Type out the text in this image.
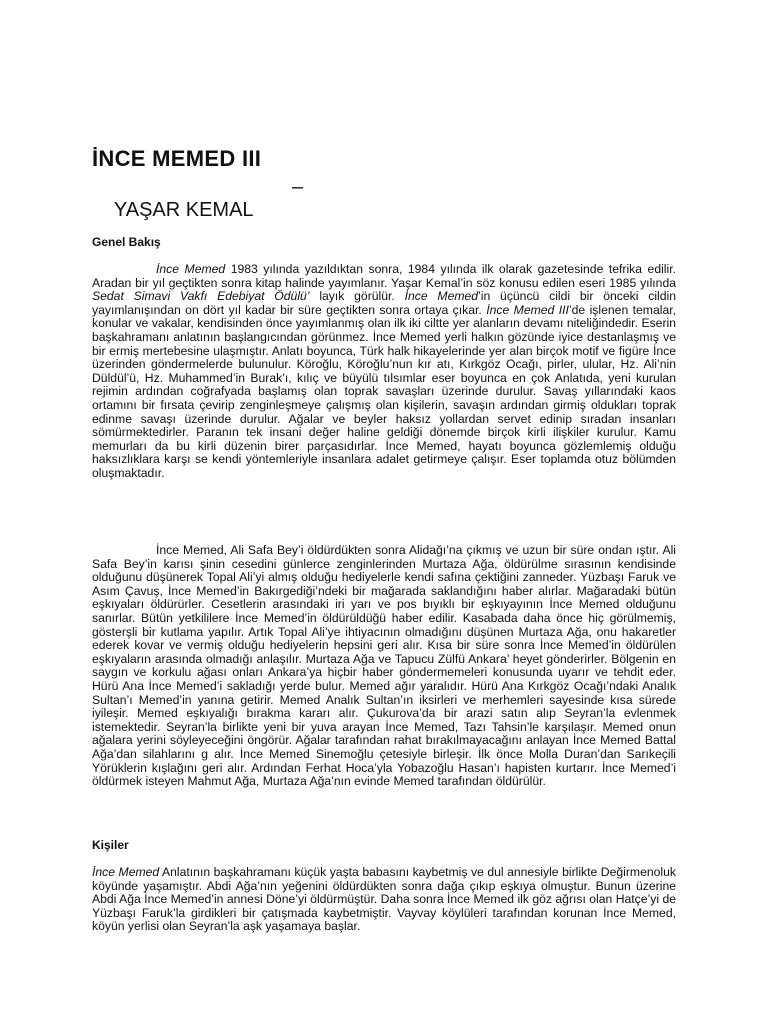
İNCE MEMED III

YAŞAR KEMAL

–

Genel Bakış

İnce Memed 1983 yılında yazıldıktan sonra, 1984 yılında ilk olarak gazetesinde tefrika edilir. Aradan bir yıl geçtikten sonra kitap halinde yayımlanır. Yaşar Kemal’in söz konusu edilen eseri 1985 yılında Sedat Simavi Vakfı Edebiyat Ödülü’ layık görülür. İnce Memed’in üçüncü cildi bir önceki cildin yayımlanışından on dört yıl kadar bir süre geçtikten sonra ortaya çıkar. İnce Memed III’de işlenen temalar, konular ve vakalar, kendisinden önce yayımlanmış olan ilk iki ciltte yer alanların devamı niteliğindedir. Eserin başkahramanı anlatının başlangıcından görünmez. İnce Memed yerli halkın gözünde iyice destanlaşmış ve bir ermiş mertebesine ulaşmıştır. Anlatı boyunca, Türk halk hikayelerinde yer alan birçok motif ve figüre İnce üzerinden göndermelerde bulunulur. Köroğlu, Köroğlu’nun kır atı, Kırkgöz Ocağı, pirler, ulular, Hz. Ali’nin Düldül’ü, Hz. Muhammed’in Burak’ı, kılıç ve büyülü tılsımlar eser boyunca en çok Anlatıda, yeni kurulan rejimin ardından coğrafyada başlamış olan toprak savaşları üzerinde durulur. Savaş yıllarındaki kaos ortamını bir fırsata çevirip zenginleşmeye çalışmış olan kişilerin, savaşın ardından girmiş oldukları toprak edinme savaşı üzerinde durulur. Ağalar ve beyler haksız yollardan servet edinip sıradan insanları sömürmektedirler. Paranın tek insani değer haline geldiği dönemde birçok kirli ilişkiler kurulur. Kamu memurları da bu kirli düzenin birer parçasıdırlar. İnce Memed, hayatı boyunca gözlemlemiş olduğu haksızlıklara karşı se kendi yöntemleriyle insanlara adalet getirmeye çalışır. Eser toplamda otuz bölümden oluşmaktadır.

İnce Memed, Ali Safa Bey’i öldürdükten sonra Alidağı’na çıkmış ve uzun bir süre ondan ıştır. Ali Safa Bey’in karısı şinin cesedini günlerce zenginlerinden Murtaza Ağa, öldürülme sırasının kendisinde olduğunu düşünerek Topal Ali’yi almış olduğu hediyelerle kendi safına çektiğini zanneder. Yüzbaşı Faruk ve Asım Çavuş, İnce Memed’in Bakırgediği’ndeki bir mağarada saklandığını haber alırlar. Mağaradaki bütün eşkıyaları öldürürler. Cesetlerin arasındaki iri yarı ve pos bıyıklı bir eşkıyayının İnce Memed olduğunu sanırlar. Bütün yetkililere İnce Memed’in öldürüldüğü haber edilir. Kasabada daha önce hiç görülmemiş, gösterşli bir kutlama yapılır. Artık Topal Ali’ye ihtiyacının olmadığını düşünen Murtaza Ağa, onu hakaretler ederek kovar ve vermiş olduğu hediyelerin hepsini geri alır. Kısa bir süre sonra İnce Memed’in öldürülen eşkıyaların arasında olmadığı anlaşılır. Murtaza Ağa ve Tapucu Zülfü Ankara’ heyet gönderirler. Bölgenin en saygın ve korkulu ağası onları Ankara’ya hiçbir haber göndermemeleri konusunda uyarır ve tehdit eder. Hürü Ana İnce Memed’i sakladığı yerde bulur. Memed ağır yaralıdır. Hürü Ana Kırkgöz Ocağı’ndaki Analık Sultan’ı Memed’in yanına getirir. Memed Analık Sultan’ın iksirleri ve merhemleri sayesinde kısa sürede iyileşir. Memed eşkıyalığı bırakma kararı alır. Çukurova’da bir arazi satın alıp Seyran’la evlenmek istemektedir. Seyran’la birlikte yeni bir yuva arayan İnce Memed, Tazı Tahsin’le karşılaşır. Memed onun ağalara yerini söyleyeceğini öngörür. Ağalar tarafından rahat bırakılmayacağını anlayan İnce Memed Battal Ağa’dan silahlarını g alır. İnce Memed Sinemoğlu çetesiyle birleşir. İlk önce Molla Duran’dan Sarıkeçili Yörüklerin kışlağını geri alır. Ardından Ferhat Hoca’yla Yobazoğlu Hasan’ı hapisten kurtarır. İnce Memed’i öldürmek isteyen Mahmut Ağa, Murtaza Ağa’nın evinde Memed tarafından öldürülür.

Kişiler

İnce Memed Anlatının başkahramanı küçük yaşta babasını kaybetmiş ve dul annesiyle birlikte Değirmenoluk köyünde yaşamıştır. Abdi Ağa’nın yeğenini öldürdükten sonra dağa çıkıp eşkıya olmuştur. Bunun üzerine Abdi Ağa İnce Memed’in annesi Döne’yi öldürmüştür. Daha sonra İnce Memed ilk göz ağrısı olan Hatçe’yi de Yüzbaşı Faruk’la girdikleri bir çatışmada kaybetmiştir. Vayvay köylüleri tarafından korunan İnce Memed, köyün yerlisi olan Seyran’la aşk yaşamaya başlar.
